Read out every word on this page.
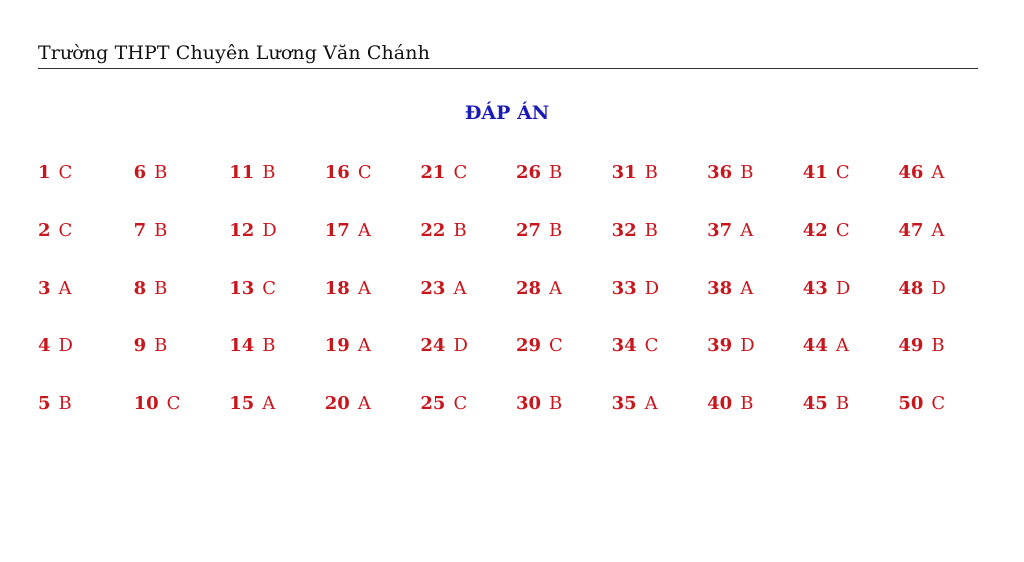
Trường THPT Chuyên Lương Văn Chánh
ĐÁP ÁN
1 C	6 B	11 B	16 C	21 C	26 B	31 B	36 B	41 C	46 A
2 C	7 B	12 D	17 A	22 B	27 B	32 B	37 A	42 C	47 A
3 A	8 B	13 C	18 A	23 A	28 A	33 D	38 A	43 D	48 D
4 D	9 B	14 B	19 A	24 D	29 C	34 C	39 D	44 A	49 B
5 B	10 C	15 A	20 A	25 C	30 B	35 A	40 B	45 B	50 C
